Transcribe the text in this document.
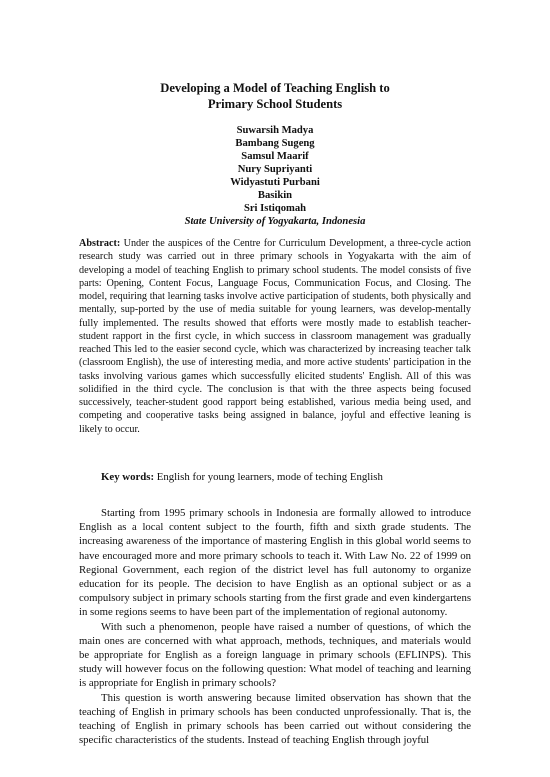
Developing a Model of Teaching English to
Primary School Students
Suwarsih Madya
Bambang Sugeng
Samsul Maarif
Nury Supriyanti
Widyastuti Purbani
Basikin
Sri Istiqomah
State University of Yogyakarta, Indonesia
Abstract: Under the auspices of the Centre for Curriculum Development, a three-cycle action research study was carried out in three primary schools in Yogyakarta with the aim of developing a model of teaching English to primary school students. The model consists of five parts: Opening, Content Focus, Language Focus, Communication Focus, and Closing. The model, requiring that learning tasks involve active participation of students, both physically and mentally, sup-ported by the use of media suitable for young learners, was develop-mentally fully implemented. The results showed that efforts were mostly made to establish teacher-student rapport in the first cycle, in which success in classroom management was gradually reached This led to the easier second cycle, which was characterized by increasing teacher talk (classroom English), the use of interesting media, and more active students' participation in the tasks involving various games which successfully elicited students' English. All of this was solidified in the third cycle. The conclusion is that with the three aspects being focused successively, teacher-student good rapport being established, various media being used, and competing and cooperative tasks being assigned in balance, joyful and effective leaning is likely to occur.
Key words: English for young learners, mode of teching English

Starting from 1995 primary schools in Indonesia are formally allowed to introduce English as a local content subject to the fourth, fifth and sixth grade students. The increasing awareness of the importance of mastering English in this global world seems to have encouraged more and more primary schools to teach it. With Law No. 22 of 1999 on Regional Government, each region of the district level has full autonomy to organize education for its people. The decision to have English as an optional subject or as a compulsory subject in primary schools starting from the first grade and even kindergartens in some regions seems to have been part of the implementation of regional autonomy.

With such a phenomenon, people have raised a number of questions, of which the main ones are concerned with what approach, methods, techniques, and materials would be appropriate for English as a foreign language in primary schools (EFLINPS). This study will however focus on the following question: What model of teaching and learning is appropriate for English in primary schools?

This question is worth answering because limited observation has shown that the teaching of English in primary schools has been conducted unprofessionally. That is, the teaching of English in primary schools has been carried out without considering the specific characteristics of the students. Instead of teaching English through joyful
